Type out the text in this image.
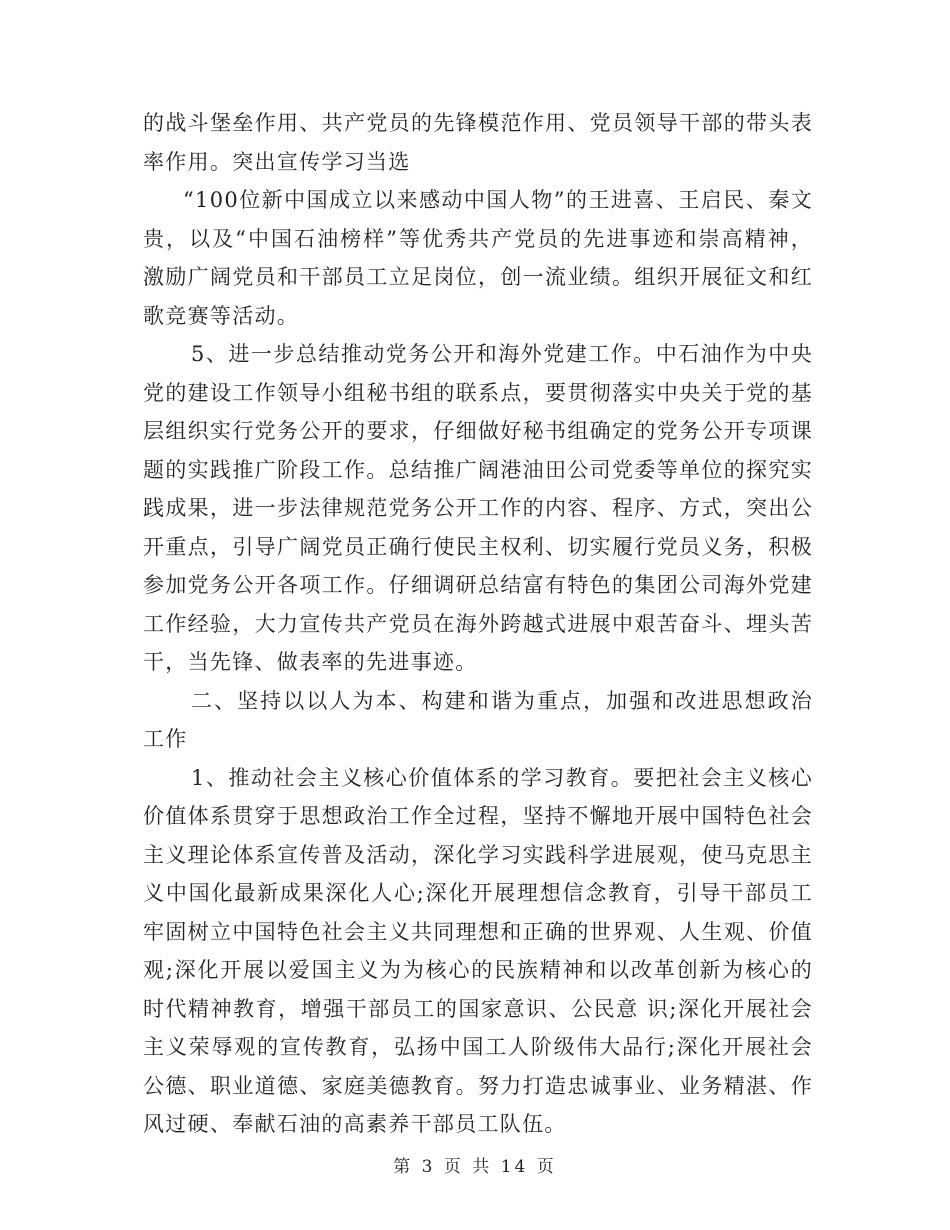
的战斗堡垒作用、共产党员的先锋模范作用、党员领导干部的带头表率作用。突出宣传学习当选

“100位新中国成立以来感动中国人物”的王进喜、王启民、秦文贵，以及“中国石油榜样”等优秀共产党员的先进事迹和崇高精神，激励广阔党员和干部员工立足岗位，创一流业绩。组织开展征文和红歌竞赛等活动。

5、进一步总结推动党务公开和海外党建工作。中石油作为中央党的建设工作领导小组秘书组的联系点，要贯彻落实中央关于党的基层组织实行党务公开的要求，仔细做好秘书组确定的党务公开专项课题的实践推广阶段工作。总结推广阔港油田公司党委等单位的探究实践成果，进一步法律规范党务公开工作的内容、程序、方式，突出公开重点，引导广阔党员正确行使民主权利、切实履行党员义务，积极参加党务公开各项工作。仔细调研总结富有特色的集团公司海外党建工作经验，大力宣传共产党员在海外跨越式进展中艰苦奋斗、埋头苦干，当先锋、做表率的先进事迹。

二、坚持以以人为本、构建和谐为重点，加强和改进思想政治工作

1、推动社会主义核心价值体系的学习教育。要把社会主义核心价值体系贯穿于思想政治工作全过程，坚持不懈地开展中国特色社会主义理论体系宣传普及活动，深化学习实践科学进展观，使马克思主义中国化最新成果深化人心;深化开展理想信念教育，引导干部员工牢固树立中国特色社会主义共同理想和正确的世界观、人生观、价值观;深化开展以爱国主义为为核心的民族精神和以改革创新为核心的时代精神教育，增强干部员工的国家意识、公民意 识;深化开展社会主义荣辱观的宣传教育，弘扬中国工人阶级伟大品行;深化开展社会公德、职业道德、家庭美德教育。努力打造忠诚事业、业务精湛、作风过硬、奉献石油的高素养干部员工队伍。

第 3 页 共 14 页
